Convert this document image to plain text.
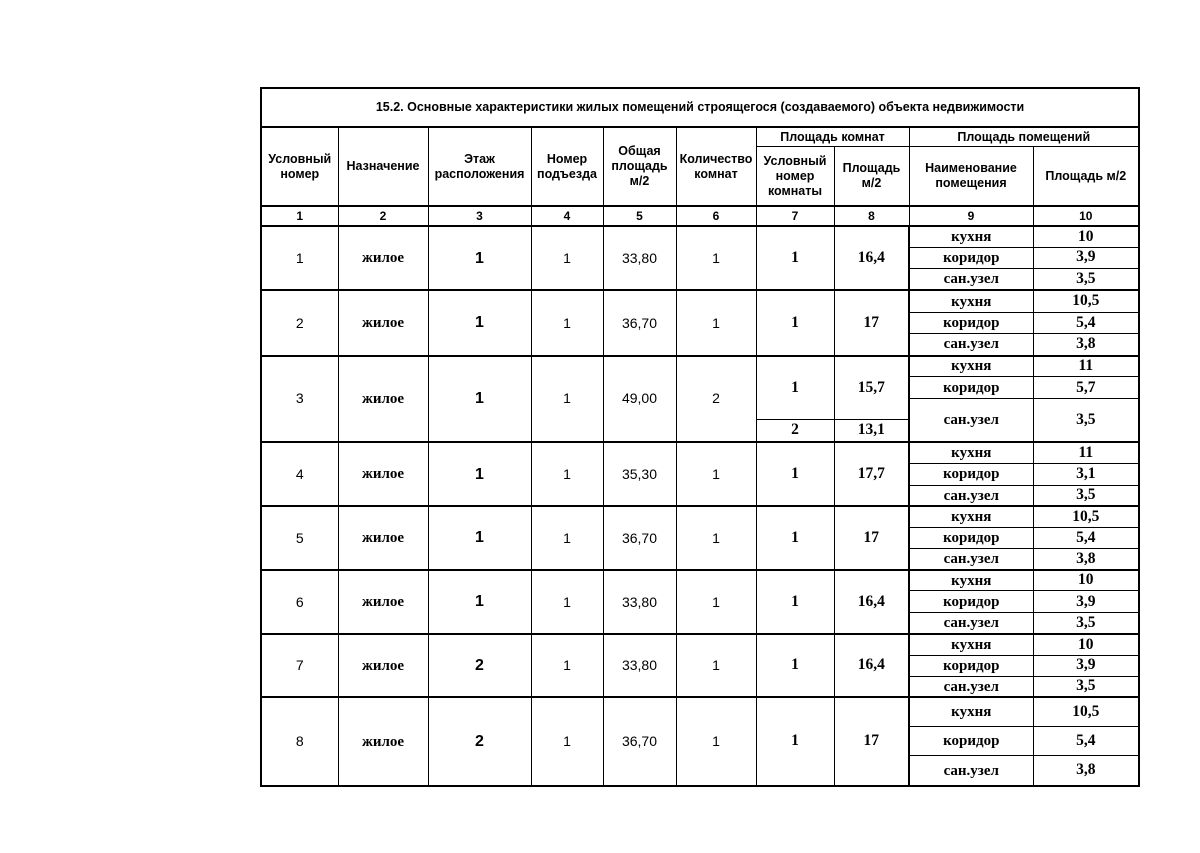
15.2. Основные характеристики жилых помещений строящегося (создаваемого) объекта недвижимости									
Условный номер	Назначение	Этаж расположения	Номер подъезда	Общая площадь м/2	Количество комнат	Площадь комнат		Площадь помещений	
						Условный номер комнаты	Площадь м/2	Наименование помещения	Площадь м/2
1	2	3	4	5	6	7	8	9	10
1	жилое	1	1	33,80	1	1	16,4	кухня	10
								коридор	3,9
								сан.узел	3,5
2	жилое	1	1	36,70	1	1	17	кухня	10,5
								коридор	5,4
								сан.узел	3,8
3	жилое	1	1	49,00	2	1	15,7	кухня	11
								коридор	5,7
								сан.узел	3,5
						2	13,1		
4	жилое	1	1	35,30	1	1	17,7	кухня	11
								коридор	3,1
								сан.узел	3,5
5	жилое	1	1	36,70	1	1	17	кухня	10,5
								коридор	5,4
								сан.узел	3,8
6	жилое	1	1	33,80	1	1	16,4	кухня	10
								коридор	3,9
								сан.узел	3,5
7	жилое	2	1	33,80	1	1	16,4	кухня	10
								коридор	3,9
								сан.узел	3,5
8	жилое	2	1	36,70	1	1	17	кухня	10,5
								коридор	5,4
								сан.узел	3,8
